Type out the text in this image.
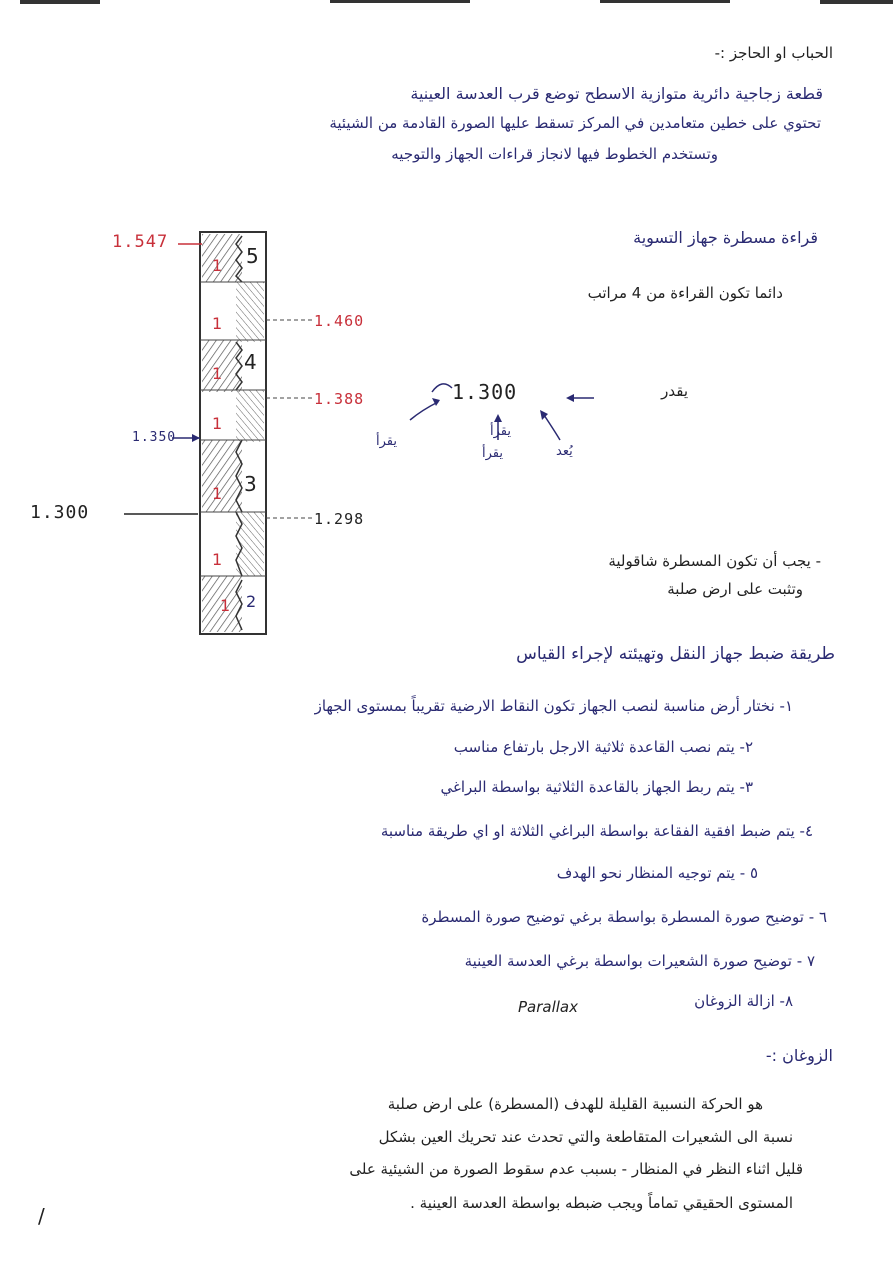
الحباب او الحاجز :-
قطعة زجاجية دائرية متوازية الاسطح توضع قرب العدسة العينية
تحتوي على خطين متعامدين في المركز تسقط عليها الصورة القادمة من الشيئية
وتستخدم الخطوط فيها لانجاز قراءات الجهاز والتوجيه
5
4
3
2
1
1
1
1
1
1
1
1.547
1.460
1.388
1.298
1.350
1.300
قراءة مسطرة جهاز التسوية
دائما تكون القراءة من 4 مراتب
يقدر
1.300
يقرأ
يقرأ	يُعد
يقرأ
- يجب أن تكون المسطرة شاقولية
وتثبت على ارض صلبة
طريقة ضبط جهاز النقل وتهيئته لإجراء القياس
١- نختار أرض مناسبة لنصب الجهاز تكون النقاط الارضية تقريباً بمستوى الجهاز
٢- يتم نصب القاعدة ثلاثية الارجل بارتفاع مناسب
٣- يتم ربط الجهاز بالقاعدة الثلاثية بواسطة البراغي
٤- يتم ضبط افقية الفقاعة بواسطة البراغي الثلاثة او اي طريقة مناسبة
٥ - يتم توجيه المنظار نحو الهدف
٦ - توضيح صورة المسطرة بواسطة برغي توضيح صورة المسطرة
٧ - توضيح صورة الشعيرات بواسطة برغي العدسة العينية
٨- ازالة الزوغان
Parallax
الزوغان :-
هو الحركة النسبية القليلة للهدف (المسطرة) على ارض صلبة
نسبة الى الشعيرات المتقاطعة والتي تحدث عند تحريك العين بشكل
قليل اثناء النظر في المنظار - بسبب عدم سقوط الصورة من الشيئية على
المستوى الحقيقي تماماً ويجب ضبطه بواسطة العدسة العينية .
/
